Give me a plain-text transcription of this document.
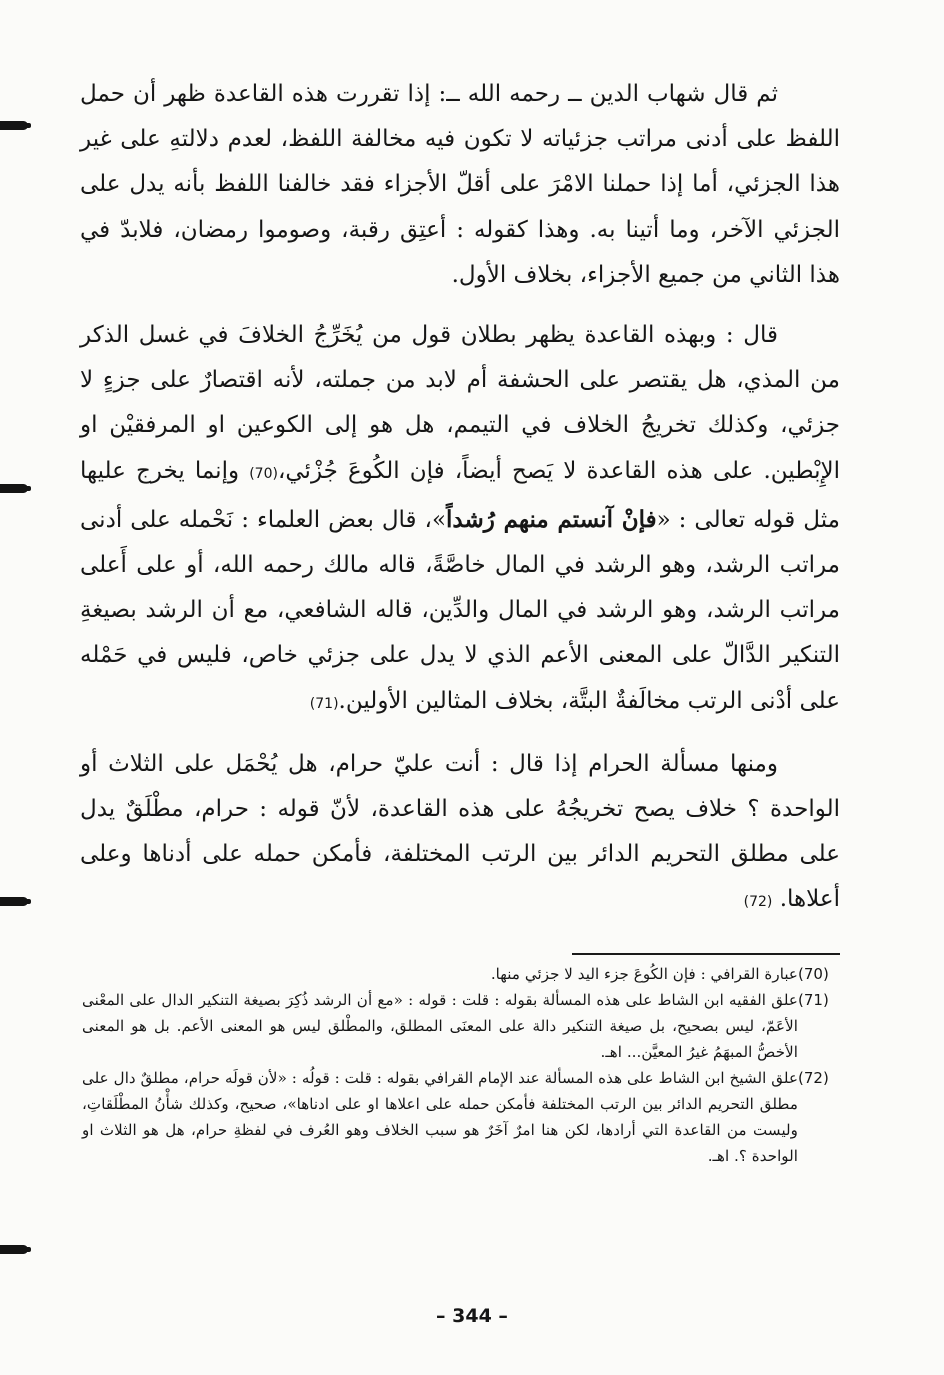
ثم قال شهاب الدين ــ رحمه الله ــ: إذا تقررت هذه القاعدة ظهر أن حمل اللفظ على أدنى مراتب جزئياته لا تكون فيه مخالفة اللفظ، لعدم دلالتهِ على غير هذا الجزئي، أما إذا حملنا الامْرَ على أقلّ الأجزاء فقد خالفنا اللفظ بأنه يدل على الجزئي الآخر، وما أتينا به. وهذا كقوله : أعتِق رقبة، وصوموا رمضان، فلابدّ في هذا الثاني من جميع الأجزاء، بخلاف الأول.

قال : وبهذه القاعدة يظهر بطلان قول من يُخَرِّجُ الخلافَ في غسل الذكر من المذي، هل يقتصر على الحشفة أم لابد من جملته، لأنه اقتصارٌ على جزءٍ لا جزئي، وكذلك تخريجُ الخلاف في التيمم، هل هو إلى الكوعين او المرفقيْن او الإِبْطين. على هذه القاعدة لا يَصح أيضاً، فإن الكُوعَ جُزْئي،(70) وإنما يخرج عليها مثل قوله تعالى : «فإنْ آنستم منهم رُشداً»، قال بعض العلماء : نَحْمله على أدنى مراتب الرشد، وهو الرشد في المال خاصَّةً، قاله مالك رحمه الله، أو على أَعلى مراتب الرشد، وهو الرشد في المال والدِّين، قاله الشافعي، مع أن الرشد بصيغةِ التنكير الدَّالّ على المعنى الأعم الذي لا يدل على جزئي خاص، فليس في حَمْله على أدْنى الرتب مخالَفةٌ البتَّة، بخلاف المثالين الأولين.(71)

ومنها مسألة الحرام إذا قال : أنت عليّ حرام، هل يُحْمَل على الثلاث أو الواحدة ؟ خلاف يصح تخريجُهُ على هذه القاعدة، لأنّ قوله : حرام، مطْلَقٌ يدل على مطلق التحريم الدائر بين الرتب المختلفة، فأمكن حمله على أدناها وعلى أعلاها. (72)

(70)
عبارة القرافي : فإن الكُوعَ جزء اليد لا جزئي منها.
(71)
علق الفقيه ابن الشاط على هذه المسألة بقوله : قلت : قوله : «مع أن الرشد ذُكِرَ بصيغة التنكير الدال على المعْنى الأعَمّ، ليس بصحيح، بل صيغة التنكير دالة على المعنَى المطلق، والمطْلق ليس هو المعنى الأعم. بل هو المعنى الأخصُّ المبهَمُ غيرُ المعيَّن... اهـ.
(72)
علق الشيخ ابن الشاط على هذه المسألة عند الإمام القرافي بقوله : قلت : قولُه : «لأن قولَه حرام، مطلقٌ دال على مطلق التحريم الدائر بين الرتب المختلفة فأمكن حمله على اعلاها او على ادناها»، صحيح، وكذلك شأْنُ المطْلَقاتِ، وليست من القاعدة التي أرادها، لكن هنا امرٌ آخَرٌ هو سبب الخلاف وهو العُرف في لفظةِ حرام، هل هو الثلاث او الواحدة ؟. اهـ.
– 344 –
